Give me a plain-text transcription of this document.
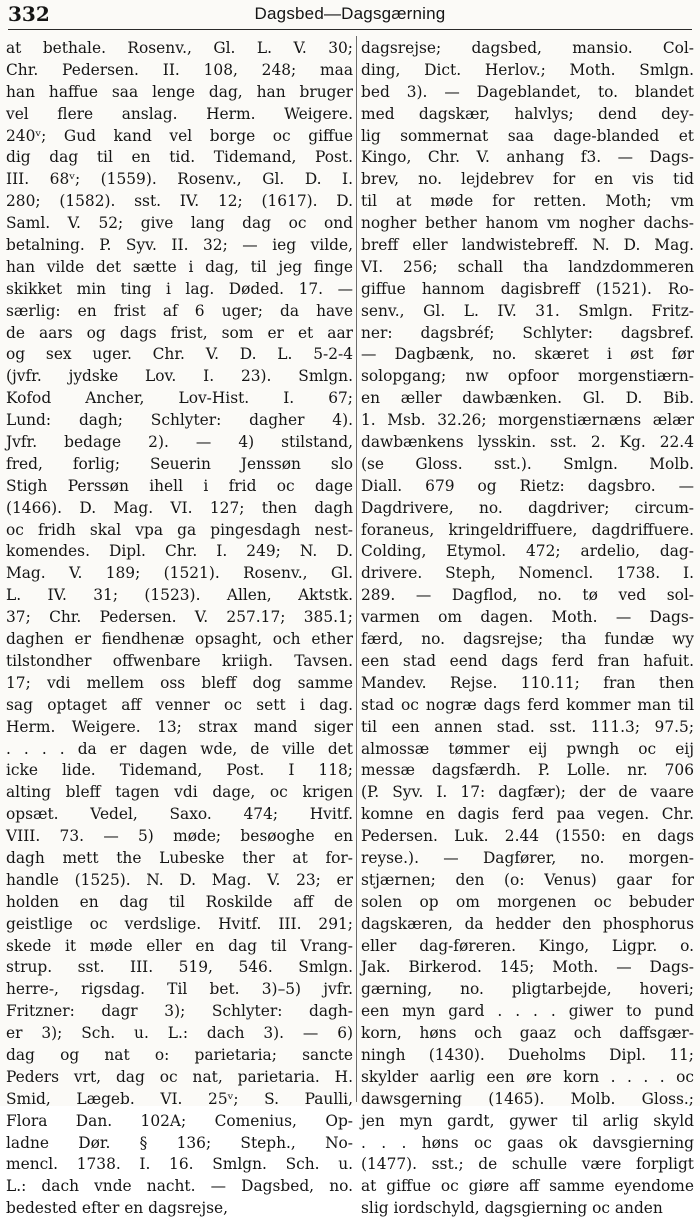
332	Dagsbed—Dagsgærning
at bethale. Rosenv., Gl. L. V. 30;
Chr. Pedersen. II. 108, 248; maa
han haffue saa lenge dag, han bruger
vel flere anslag. Herm. Weigere.
240ᵛ; Gud kand vel borge oc giffue
dig dag til en tid. Tidemand, Post.
III. 68ᵛ; (1559). Rosenv., Gl. D. I.
280; (1582). sst. IV. 12; (1617). D.
Saml. V. 52; give lang dag oc ond
betalning. P. Syv. II. 32; — ieg vilde,
han vilde det sætte i dag, til jeg finge
skikket min ting i lag. Døded. 17. —
særlig: en frist af 6 uger; da have
de aars og dags frist, som er et aar
og sex uger. Chr. V. D. L. 5-2-4
(jvfr. jydske Lov. I. 23). Smlgn.
Kofod Ancher, Lov-Hist. I. 67;
Lund: dagh; Schlyter: dagher 4).
Jvfr. bedage 2). — 4) stilstand,
fred, forlig; Seuerin Jenssøn slo
Stigh Perssøn ihell i frid oc dage
(1466). D. Mag. VI. 127; then dagh
oc fridh skal vpa ga pingesdagh nest-
komendes. Dipl. Chr. I. 249; N. D.
Mag. V. 189; (1521). Rosenv., Gl.
L. IV. 31; (1523). Allen, Aktstk.
37; Chr. Pedersen. V. 257.17; 385.1;
daghen er fiendhenæ opsaght, och ether
tilstondher offwenbare kriigh. Tavsen.
17; vdi mellem oss bleff dog samme
sag optaget aff venner oc sett i dag.
Herm. Weigere. 13; strax mand siger
. . . . da er dagen wde, de ville det
icke lide. Tidemand, Post. I 118;
alting bleff tagen vdi dage, oc krigen
opsæt. Vedel, Saxo. 474; Hvitf.
VIII. 73. — 5) møde; besøoghe en
dagh mett the Lubeske ther at for-
handle (1525). N. D. Mag. V. 23; er
holden en dag til Roskilde aff de
geistlige oc verdslige. Hvitf. III. 291;
skede it møde eller en dag til Vrang-
strup. sst. III. 519, 546. Smlgn.
herre-, rigsdag. Til bet. 3)–5) jvfr.
Fritzner: dagr 3); Schlyter: dagh-
er 3); Sch. u. L.: dach 3). — 6)
dag og nat o: parietaria; sancte
Peders vrt, dag oc nat, parietaria. H.
Smid, Lægeb. VI. 25ᵛ; S. Paulli,
Flora Dan. 102A; Comenius, Op-
ladne Dør. § 136; Steph., No-
mencl. 1738. I. 16. Smlgn. Sch. u.
L.: dach vnde nacht. — Dagsbed, no.
bedested efter en dagsrejse,
dagsrejse; dagsbed, mansio. Col-
ding, Dict. Herlov.; Moth. Smlgn.
bed 3). — Dageblandet, to. blandet
med dagskær, halvlys; dend dey-
lig sommernat saa dage-blanded et
Kingo, Chr. V. anhang f3. — Dags-
brev, no. lejdebrev for en vis tid
til at møde for retten. Moth; vm
nogher bether hanom vm nogher dachs-
breff eller landwistebreff. N. D. Mag.
VI. 256; schall tha landzdommeren
giffue hannom dagisbreff (1521). Ro-
senv., Gl. L. IV. 31. Smlgn. Fritz-
ner: dagsbréf; Schlyter: dagsbref.
— Dagbænk, no. skæret i øst før
solopgang; nw opfoor morgenstiærn-
en æller dawbænken. Gl. D. Bib.
1. Msb. 32.26; morgenstiærnæns ælær
dawbænkens lysskin. sst. 2. Kg. 22.4
(se Gloss. sst.). Smlgn. Molb.
Diall. 679 og Rietz: dagsbro. —
Dagdrivere, no. dagdriver; circum-
foraneus, kringeldriffuere, dagdriffuere.
Colding, Etymol. 472; ardelio, dag-
drivere. Steph, Nomencl. 1738. I.
289. — Dagflod, no. tø ved sol-
varmen om dagen. Moth. — Dags-
færd, no. dagsrejse; tha fundæ wy
een stad eend dags ferd fran hafuit.
Mandev. Rejse. 110.11; fran then
stad oc nogræ dags ferd kommer man til
til een annen stad. sst. 111.3; 97.5;
almossæ tømmer eij pwngh oc eij
messæ dagsfærdh. P. Lolle. nr. 706
(P. Syv. I. 17: dagfær); der de vaare
komne en dagis ferd paa vegen. Chr.
Pedersen. Luk. 2.44 (1550: en dags
reyse.). — Dagfører, no. morgen-
stjærnen; den (o: Venus) gaar for
solen op om morgenen oc bebuder
dagskæren, da hedder den phosphorus
eller dag-føreren. Kingo, Ligpr. o.
Jak. Birkerod. 145; Moth. — Dags-
gærning, no. pligtarbejde, hoveri;
een myn gard . . . . giwer to pund
korn, høns och gaaz och daffsgær-
ningh (1430). Dueholms Dipl. 11;
skylder aarlig een øre korn . . . . oc
dawsgerning (1465). Molb. Gloss.;
jen myn gardt, gywer til arlig skyld
. . . høns oc gaas ok davsgierning
(1477). sst.; de schulle være forpligt
at giffue oc giøre aff samme eyendome
slig iordschyld, dagsgierning oc anden
